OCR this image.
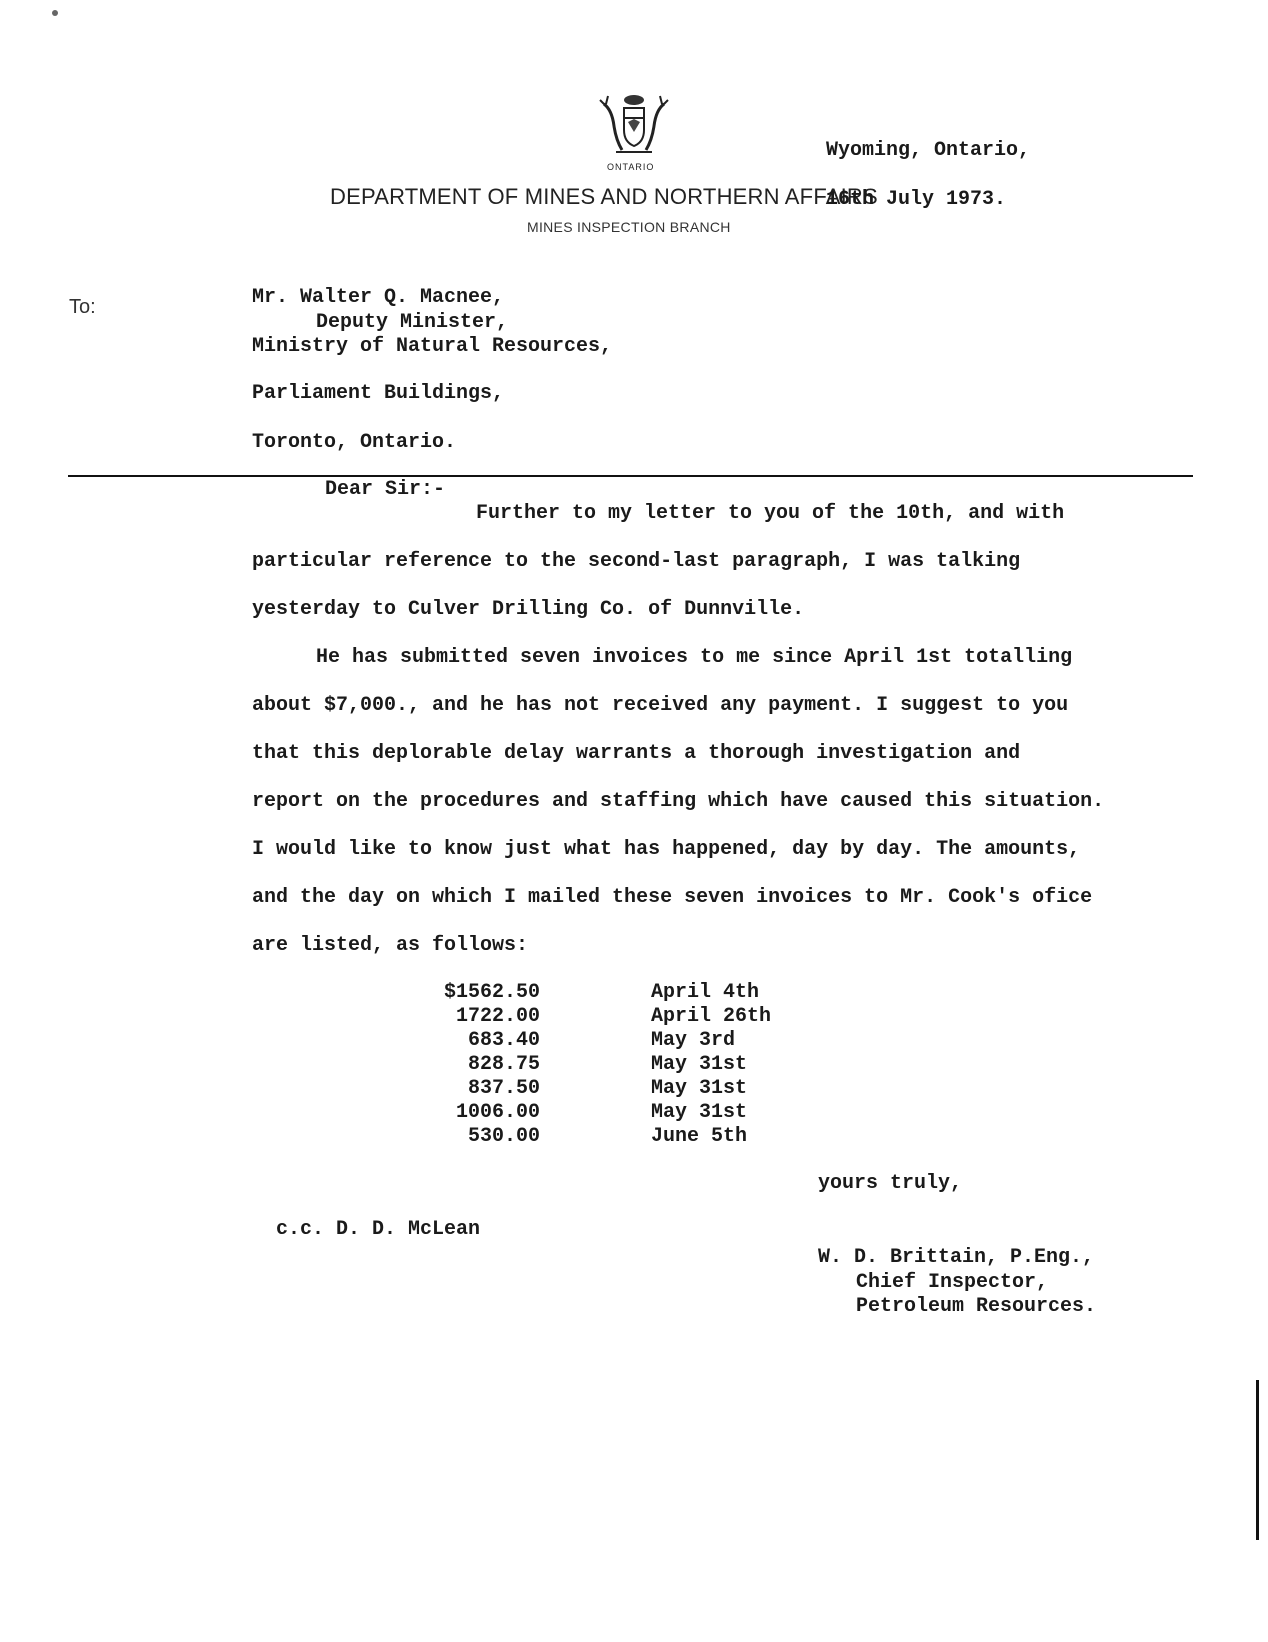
ONTARIO
DEPARTMENT OF MINES AND NORTHERN AFFAIRS
MINES INSPECTION BRANCH
Wyoming, Ontario,
16th July 1973.
To:	Mr. Walter Q. Macnee,
Deputy Minister,
Ministry of Natural Resources,
Parliament Buildings,
Toronto, Ontario.
Dear Sir:-
Further to my letter to you of the 10th, and with
particular reference to the second-last paragraph, I was talking
yesterday to Culver Drilling Co. of Dunnville.
He has submitted seven invoices to me since April 1st totalling
about $7,000., and he has not received any payment. I suggest to you
that this deplorable delay warrants a thorough investigation and
report on the procedures and staffing which have caused this situation.
I would like to know just what has happened, day by day. The amounts,
and the day on which I mailed these seven invoices to Mr. Cook's ofice
are listed, as follows:
$1562.50	April 4th
1722.00	April 26th
683.40	May 3rd
828.75	May 31st
837.50	May 31st
1006.00	May 31st
530.00	June 5th
yours truly,
c.c. D. D. McLean
W. D. Brittain, P.Eng.,
Chief Inspector,
Petroleum Resources.
